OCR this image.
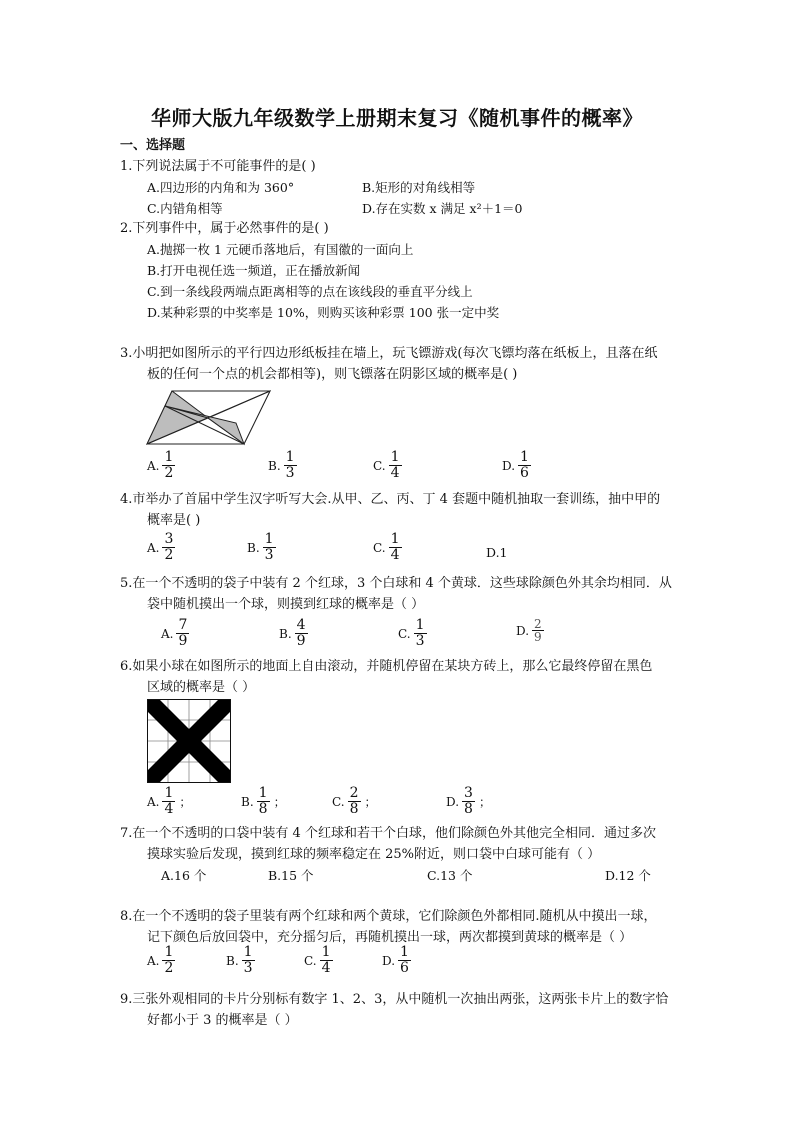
华师大版九年级数学上册期末复习《随机事件的概率》
一、选择题
1.下列说法属于不可能事件的是( )
A.四边形的内角和为 360°	B.矩形的对角线相等
C.内错角相等	D.存在实数 x 满足 x²＋1＝0
2.下列事件中，属于必然事件的是( )
A.抛掷一枚 1 元硬币落地后，有国徽的一面向上
B.打开电视任选一频道，正在播放新闻
C.到一条线段两端点距离相等的点在该线段的垂直平分线上
D.某种彩票的中奖率是 10%，则购买该种彩票 100 张一定中奖
3.小明把如图所示的平行四边形纸板挂在墙上，玩飞镖游戏(每次飞镖均落在纸板上，且落在纸
板的任何一个点的机会都相等)，则飞镖落在阴影区域的概率是( )
A. $\frac{1}{2}$	B. $\frac{1}{3}$	C. $\frac{1}{4}$	D. $\frac{1}{6}$
4.市举办了首届中学生汉字听写大会.从甲、乙、丙、丁 4 套题中随机抽取一套训练，抽中甲的
概率是( )
A. $\frac{3}{2}$	B. $\frac{1}{3}$	C. $\frac{1}{4}$	D.1
5.在一个不透明的袋子中装有 2 个红球，3 个白球和 4 个黄球．这些球除颜色外其余均相同．从
袋中随机摸出一个球，则摸到红球的概率是（ ）
A. $\frac{7}{9}$	B. $\frac{4}{9}$	C. $\frac{1}{3}$	D. $\frac{2}{9}$
6.如果小球在如图所示的地面上自由滚动，并随机停留在某块方砖上，那么它最终停留在黑色
区域的概率是（ ）
A. $\frac{1}{4}$ ；	B. $\frac{1}{8}$ ；	C. $\frac{2}{8}$ ；	D. $\frac{3}{8}$ ；
7.在一个不透明的口袋中装有 4 个红球和若干个白球，他们除颜色外其他完全相同．通过多次
摸球实验后发现，摸到红球的频率稳定在 25%附近，则口袋中白球可能有（ ）
A.16 个	B.15 个	C.13 个	D.12 个
8.在一个不透明的袋子里装有两个红球和两个黄球，它们除颜色外都相同.随机从中摸出一球，
记下颜色后放回袋中，充分摇匀后，再随机摸出一球，两次都摸到黄球的概率是（ ）
A. $\frac{1}{2}$	B. $\frac{1}{3}$	C. $\frac{1}{4}$	D. $\frac{1}{6}$
9.三张外观相同的卡片分别标有数字 1、2、3，从中随机一次抽出两张，这两张卡片上的数字恰
好都小于 3 的概率是（ ）
